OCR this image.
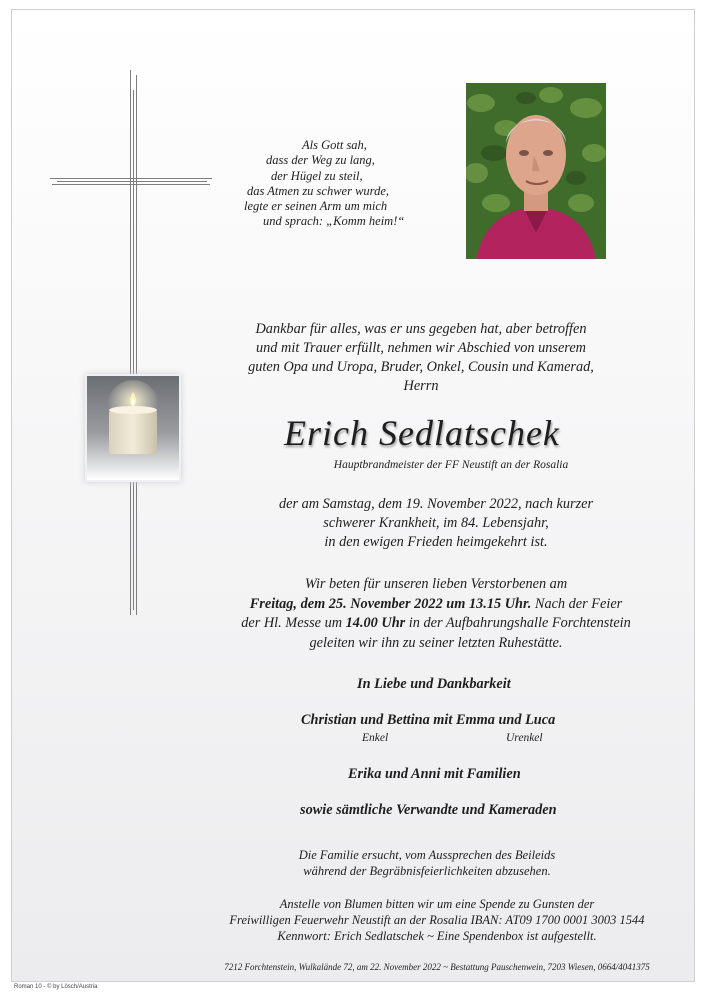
Als Gott sah,
dass der Weg zu lang,
der Hügel zu steil,
das Atmen zu schwer wurde,
legte er seinen Arm um mich
und sprach: „Komm heim!“
Dankbar für alles, was er uns gegeben hat, aber betroffen
und mit Trauer erfüllt, nehmen wir Abschied von unserem
guten Opa und Uropa, Bruder, Onkel, Cousin und Kamerad,
Herrn
Erich Sedlatschek
Hauptbrandmeister der FF Neustift an der Rosalia
der am Samstag, dem 19. November 2022, nach kurzer
schwerer Krankheit, im 84. Lebensjahr,
in den ewigen Frieden heimgekehrt ist.
Wir beten für unseren lieben Verstorbenen am
Freitag, dem 25. November 2022 um 13.15 Uhr. Nach der Feier
der Hl. Messe um 14.00 Uhr in der Aufbahrungshalle Forchtenstein
geleiten wir ihn zu seiner letzten Ruhestätte.
In Liebe und Dankbarkeit
Christian und Bettina mit Emma und Luca
Enkel	Urenkel
Erika und Anni mit Familien
sowie sämtliche Verwandte und Kameraden
Die Familie ersucht, vom Aussprechen des Beileids
während der Begräbnisfeierlichkeiten abzusehen.
Anstelle von Blumen bitten wir um eine Spende zu Gunsten der
Freiwilligen Feuerwehr Neustift an der Rosalia IBAN: AT09 1700 0001 3003 1544
Kennwort: Erich Sedlatschek ~ Eine Spendenbox ist aufgestellt.
7212 Forchtenstein, Wulkalände 72, am 22. November 2022 ~ Bestattung Pauschenwein, 7203 Wiesen, 0664/4041375
Roman 10 - © by Lösch/Austria
